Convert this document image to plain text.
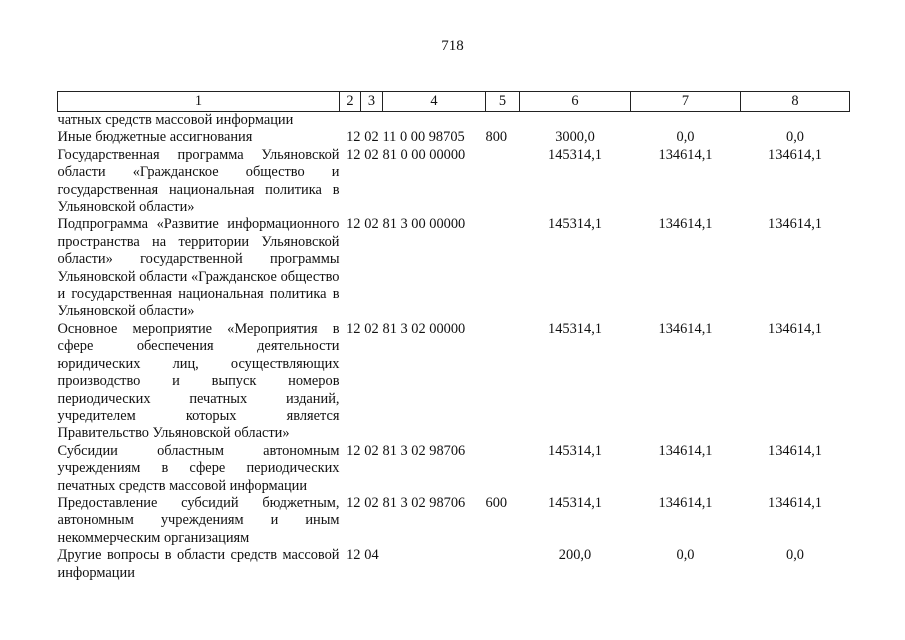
718
1	2	3	4	5	6	7	8
чатных средств массовой информации							
Иные бюджетные ассигнования	12	02	11 0 00 98705	800	3000,0	0,0	0,0
Государственная программа Ульяновской области «Гражданское общество и государственная национальная политика в Ульяновской области»	12	02	81 0 00 00000		145314,1	134614,1	134614,1
Подпрограмма «Развитие информационного пространства на территории Ульяновской области» государственной программы Ульяновской области «Гражданское общество и государственная национальная политика в Ульяновской области»	12	02	81 3 00 00000		145314,1	134614,1	134614,1
Основное мероприятие «Мероприятия в сфере обеспечения деятельности юридических лиц, осуществляющих производство и выпуск номеров периодических печатных изданий, учредителем которых является Правительство Ульяновской области»	12	02	81 3 02 00000		145314,1	134614,1	134614,1
Субсидии областным автономным учреждениям в сфере периодических печатных средств массовой информации	12	02	81 3 02 98706		145314,1	134614,1	134614,1
Предоставление субсидий бюджетным, автономным учреждениям и иным некоммерческим организациям	12	02	81 3 02 98706	600	145314,1	134614,1	134614,1
Другие вопросы в области средств массовой информации	12	04			200,0	0,0	0,0
